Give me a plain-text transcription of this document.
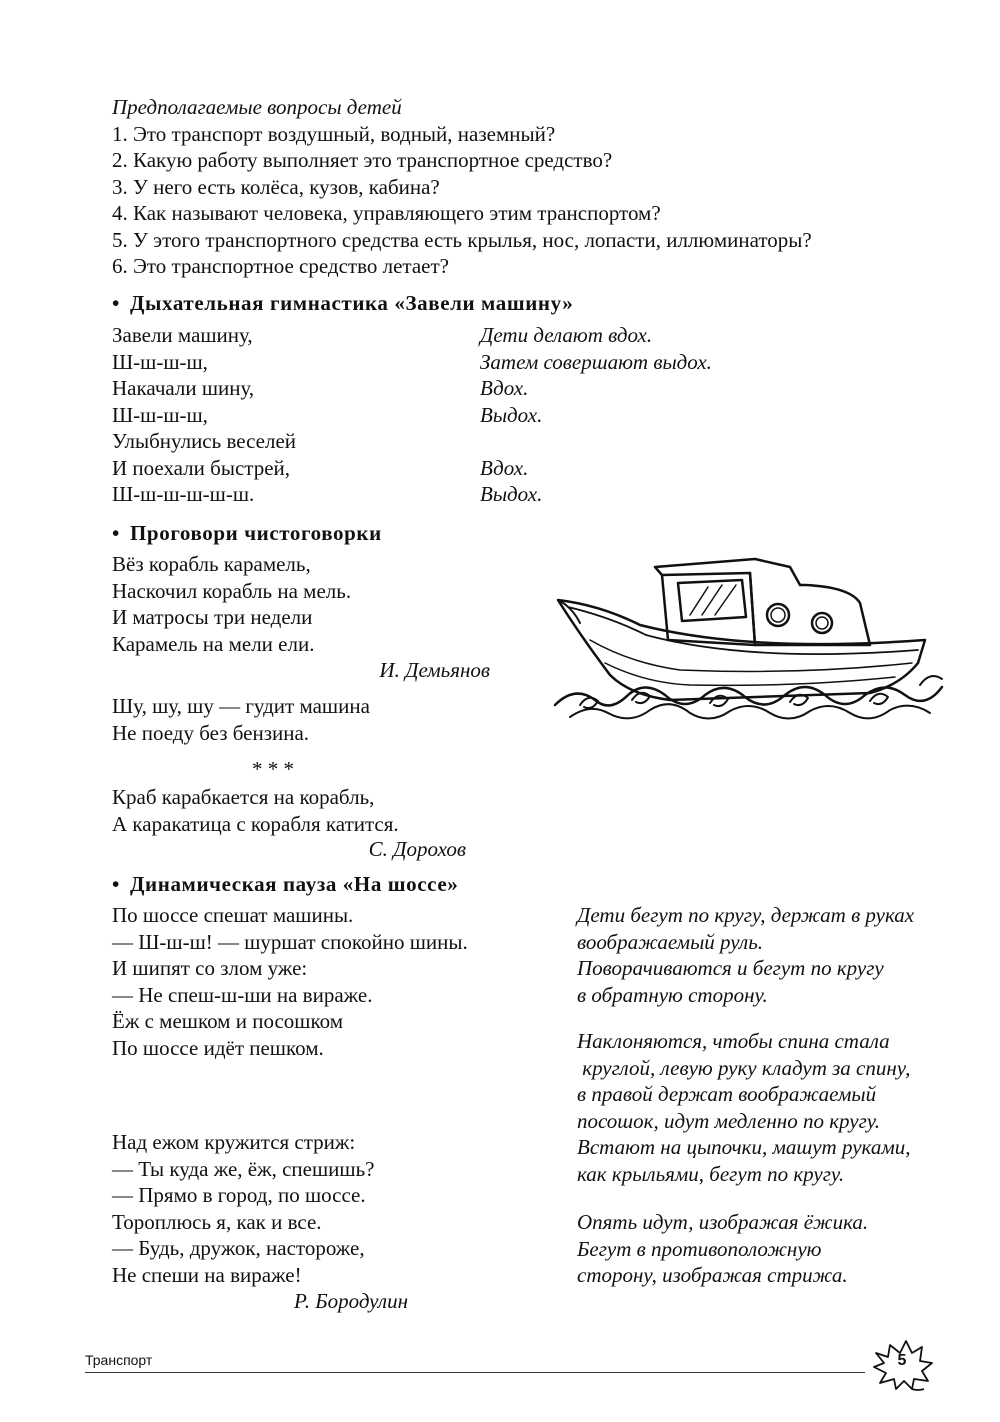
Предполагаемые вопросы детей
1. Это транспорт воздушный, водный, наземный?
2. Какую работу выполняет это транспортное средство?
3. У него есть колёса, кузов, кабина?
4. Как называют человека, управляющего этим транспортом?
5. У этого транспортного средства есть крылья, нос, лопасти, иллюминаторы?
6. Это транспортное средство летает?
• Дыхательная гимнастика «Завели машину»
Завели машину,
Ш-ш-ш-ш,
Накачали шину,
Ш-ш-ш-ш,
Улыбнулись веселей
И поехали быстрей,
Ш-ш-ш-ш-ш-ш.
Дети делают вдох.
Затем совершают выдох.
Вдох.
Выдох.
Вдох.
Выдох.
• Проговори чистоговорки
Вёз корабль карамель,
Наскочил корабль на мель.
И матросы три недели
Карамель на мели ели.
И. Демьянов
Шу, шу, шу — гудит машина
Не поеду без бензина.
* * *
Краб карабкается на корабль,
А каракатица с корабля катится.
С. Дорохов
• Динамическая пауза «На шоссе»
По шоссе спешат машины.
— Ш-ш-ш! — шуршат спокойно шины.
И шипят со злом уже:
— Не спеш-ш-ши на вираже.
Ёж с мешком и посошком
По шоссе идёт пешком.
Над ежом кружится стриж:
— Ты куда же, ёж, спешишь?
— Прямо в город, по шоссе.
Тороплюсь я, как и все.
— Будь, дружок, настороже,
Не спеши на вираже!
Р. Бородулин
Дети бегут по кругу, держат в руках
воображаемый руль.
Поворачиваются и бегут по кругу
в обратную сторону.
Наклоняются, чтобы спина стала
круглой, левую руку кладут за спину,
в правой держат воображаемый
посошок, идут медленно по кругу.
Встают на цыпочки, машут руками,
как крыльями, бегут по кругу.
Опять идут, изображая ёжика.
Бегут в противоположную
сторону, изображая стрижа.
Транспорт	5
